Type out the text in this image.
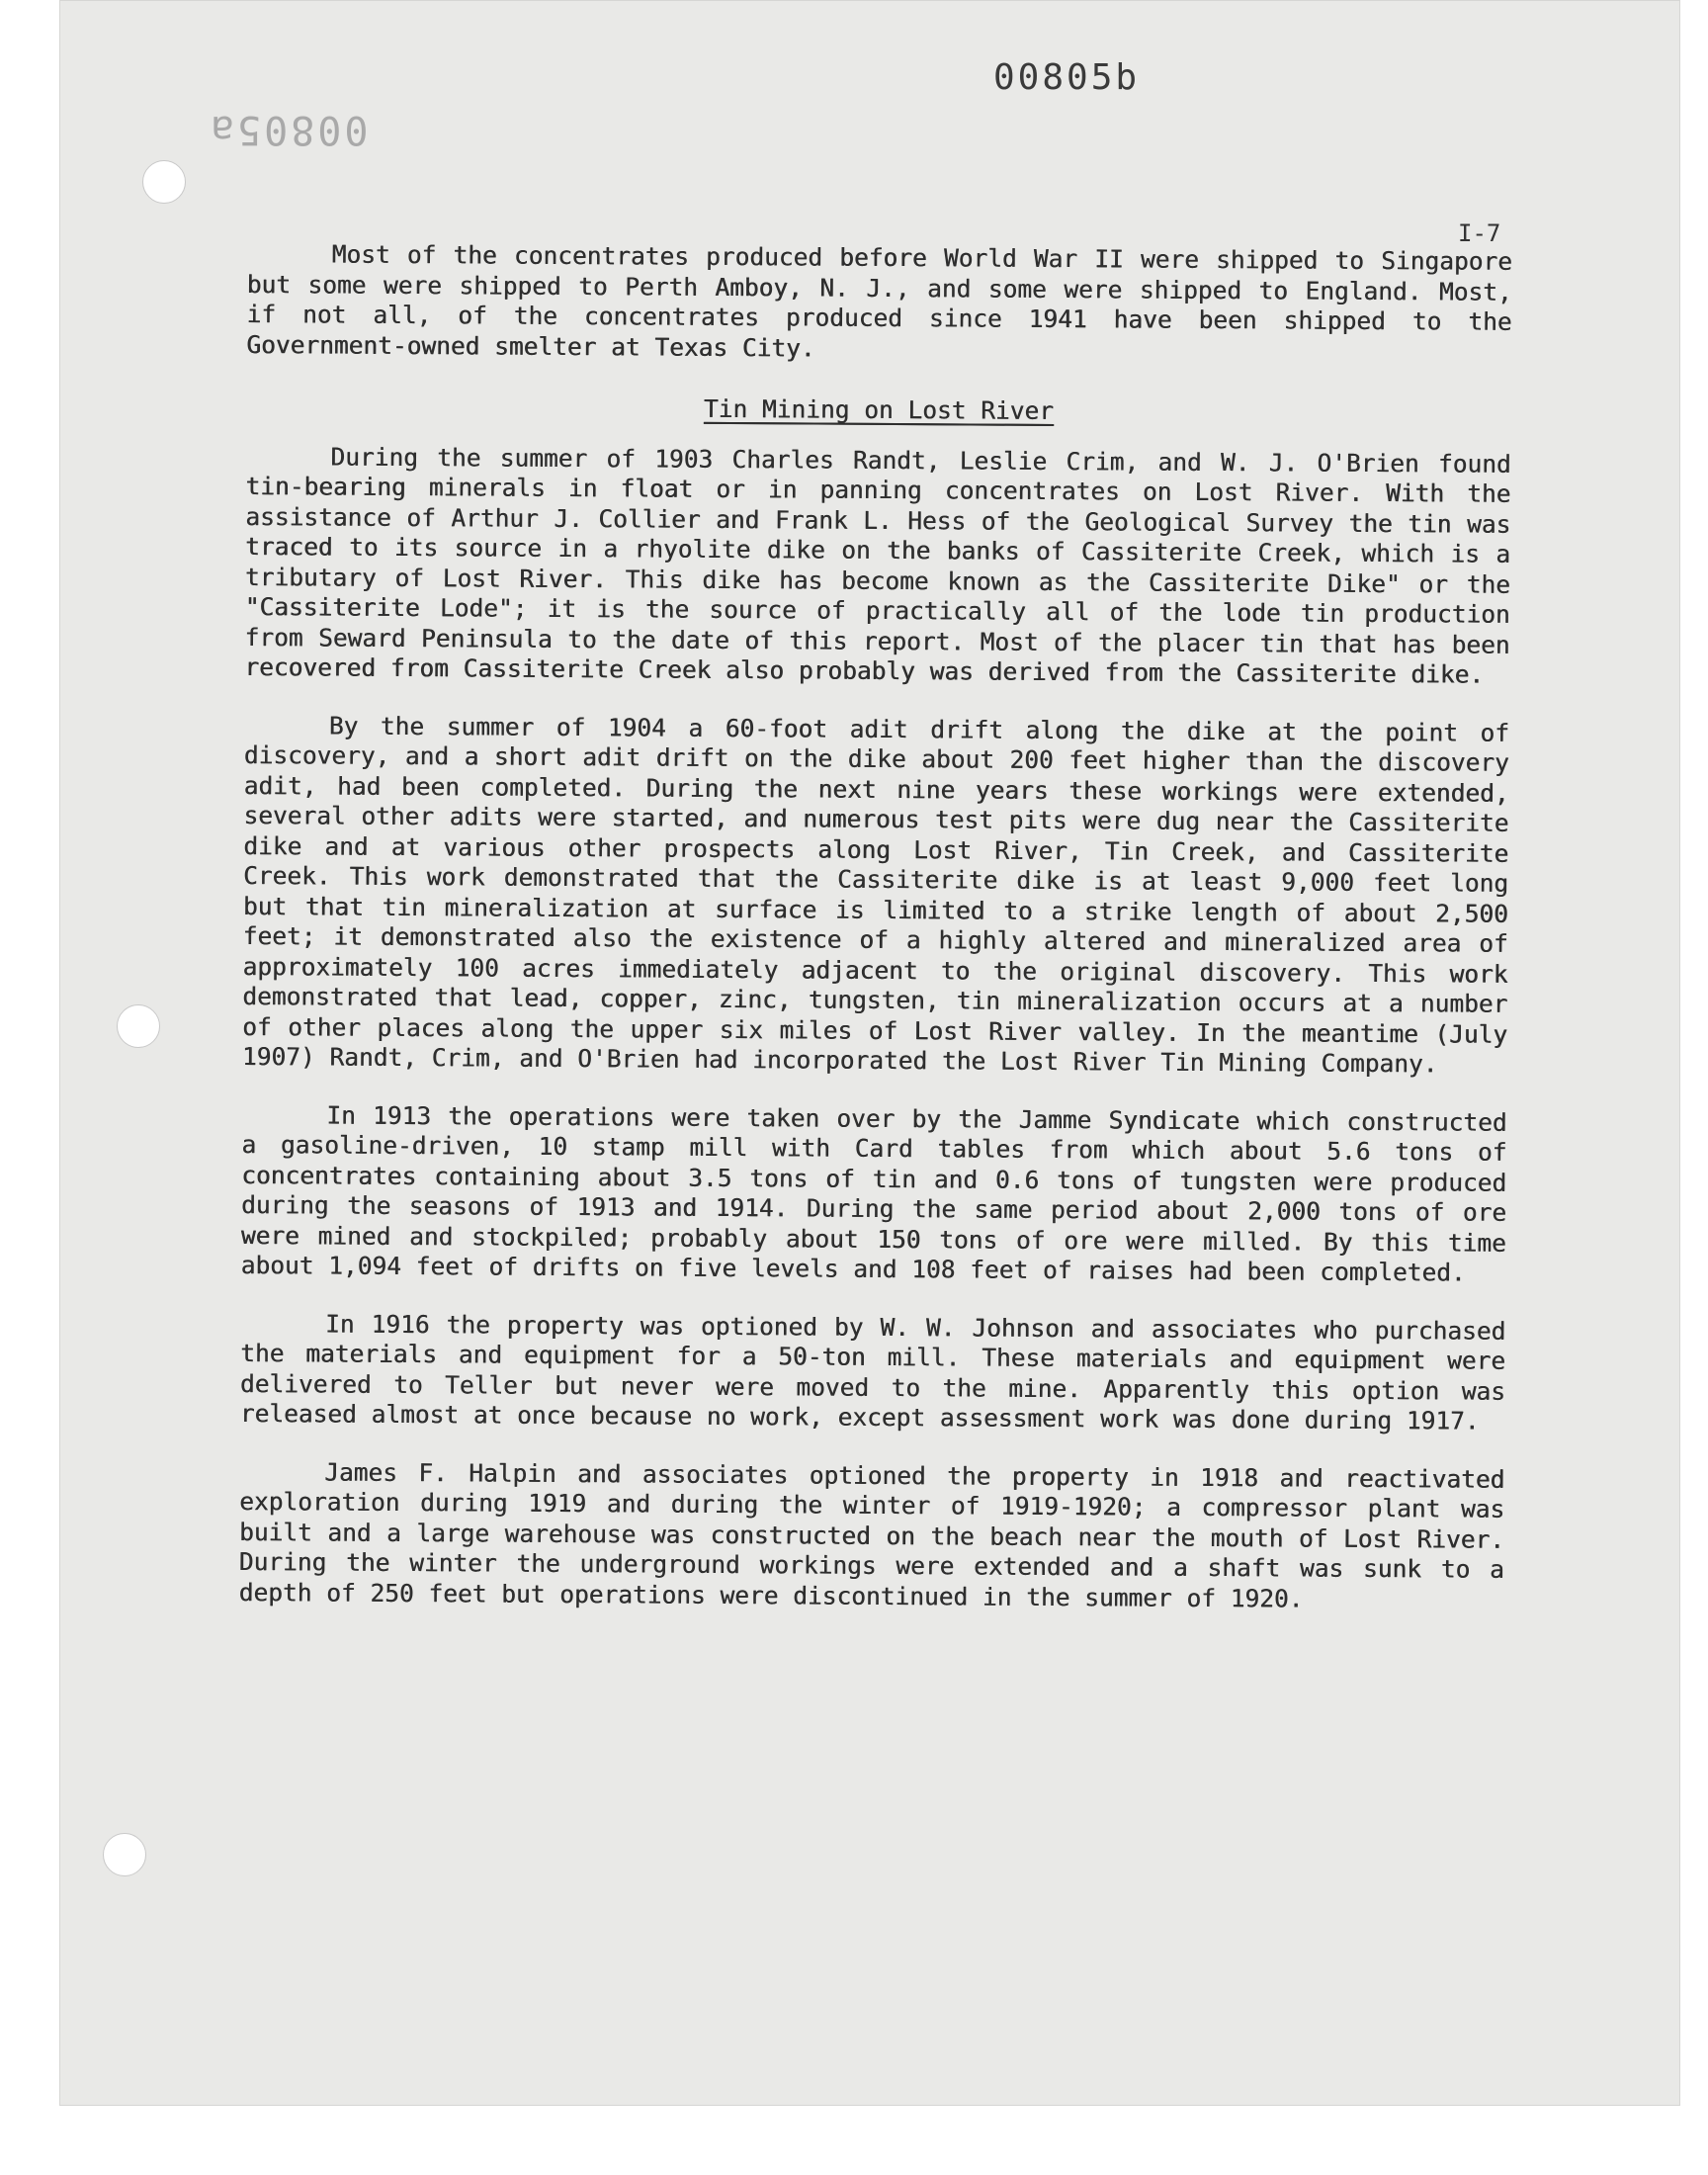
00805b
00805a
I-7

Most of the concentrates produced before World War II were shipped to Singapore but some were shipped to Perth Amboy, N. J., and some were shipped to England. Most, if not all, of the concentrates produced since 1941 have been shipped to the Government-owned smelter at Texas City.

Tin Mining on Lost River

During the summer of 1903 Charles Randt, Leslie Crim, and W. J. O'Brien found tin-bearing minerals in float or in panning concentrates on Lost River. With the assistance of Arthur J. Collier and Frank L. Hess of the Geological Survey the tin was traced to its source in a rhyolite dike on the banks of Cassiterite Creek, which is a tributary of Lost River. This dike has become known as the Cassiterite Dike" or the "Cassiterite Lode"; it is the source of practically all of the lode tin production from Seward Peninsula to the date of this report. Most of the placer tin that has been recovered from Cassiterite Creek also probably was derived from the Cassiterite dike.

By the summer of 1904 a 60-foot adit drift along the dike at the point of discovery, and a short adit drift on the dike about 200 feet higher than the discovery adit, had been completed. During the next nine years these workings were extended, several other adits were started, and numerous test pits were dug near the Cassiterite dike and at various other prospects along Lost River, Tin Creek, and Cassiterite Creek. This work demonstrated that the Cassiterite dike is at least 9,000 feet long but that tin mineralization at surface is limited to a strike length of about 2,500 feet; it demonstrated also the existence of a highly altered and mineralized area of approximately 100 acres immediately adjacent to the original discovery. This work demonstrated that lead, copper, zinc, tungsten, tin mineralization occurs at a number of other places along the upper six miles of Lost River valley. In the meantime (July 1907) Randt, Crim, and O'Brien had incorporated the Lost River Tin Mining Company.

In 1913 the operations were taken over by the Jamme Syndicate which constructed a gasoline-driven, 10 stamp mill with Card tables from which about 5.6 tons of concentrates containing about 3.5 tons of tin and 0.6 tons of tungsten were produced during the seasons of 1913 and 1914. During the same period about 2,000 tons of ore were mined and stockpiled; probably about 150 tons of ore were milled. By this time about 1,094 feet of drifts on five levels and 108 feet of raises had been completed.

In 1916 the property was optioned by W. W. Johnson and associates who purchased the materials and equipment for a 50-ton mill. These materials and equipment were delivered to Teller but never were moved to the mine. Apparently this option was released almost at once because no work, except assessment work was done during 1917.

James F. Halpin and associates optioned the property in 1918 and reactivated exploration during 1919 and during the winter of 1919-1920; a compressor plant was built and a large warehouse was constructed on the beach near the mouth of Lost River. During the winter the underground workings were extended and a shaft was sunk to a depth of 250 feet but operations were discontinued in the summer of 1920.
